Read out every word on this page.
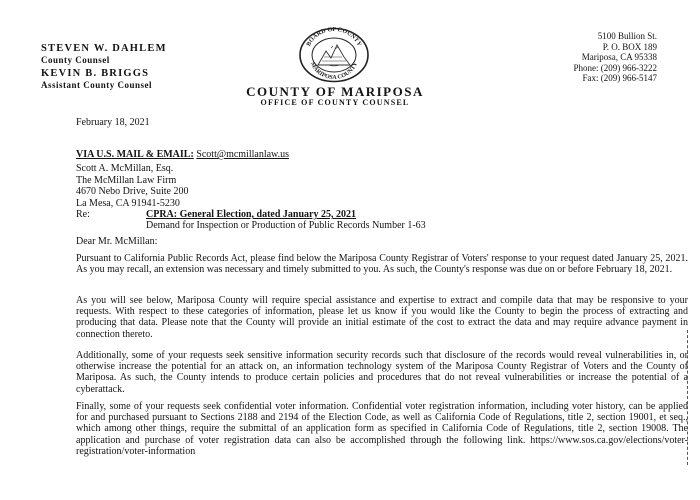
STEVEN W. DAHLEM
County Counsel
KEVIN B. BRIGGS
Assistant County Counsel
BOARD OF COUNTY
MARIPOSA COUNTY
COUNTY OF MARIPOSA
OFFICE OF COUNTY COUNSEL
5100 Bullion St.
P. O. BOX 189
Mariposa, CA 95338
Phone: (209) 966-3222
Fax: (209) 966-5147
February 18, 2021
VIA U.S. MAIL & EMAIL: Scott@mcmillanlaw.us
Scott A. McMillan, Esq.
The McMillan Law Firm
4670 Nebo Drive, Suite 200
La Mesa, CA 91941-5230
Re:	CPRA: General Election, dated January 25, 2021
Demand for Inspection or Production of Public Records Number 1-63
Dear Mr. McMillan:
Pursuant to California Public Records Act, please find below the Mariposa County Registrar of Voters' response to your request dated January 25, 2021. As you may recall, an extension was necessary and timely submitted to you. As such, the County's response was due on or before February 18, 2021.
As you will see below, Mariposa County will require special assistance and expertise to extract and compile data that may be responsive to your requests. With respect to these categories of information, please let us know if you would like the County to begin the process of extracting and producing that data. Please note that the County will provide an initial estimate of the cost to extract the data and may require advance payment in connection thereto.
Additionally, some of your requests seek sensitive information security records such that disclosure of the records would reveal vulnerabilities in, or otherwise increase the potential for an attack on, an information technology system of the Mariposa County Registrar of Voters and the County of Mariposa. As such, the County intends to produce certain policies and procedures that do not reveal vulnerabilities or increase the potential of a cyberattack.
Finally, some of your requests seek confidential voter information. Confidential voter registration information, including voter history, can be applied for and purchased pursuant to Sections 2188 and 2194 of the Election Code, as well as California Code of Regulations, title 2, section 19001, et seq., which among other things, require the submittal of an application form as specified in California Code of Regulations, title 2, section 19008. The application and purchase of voter registration data can also be accomplished through the following link. https://www.sos.ca.gov/elections/voter-registration/voter-information
